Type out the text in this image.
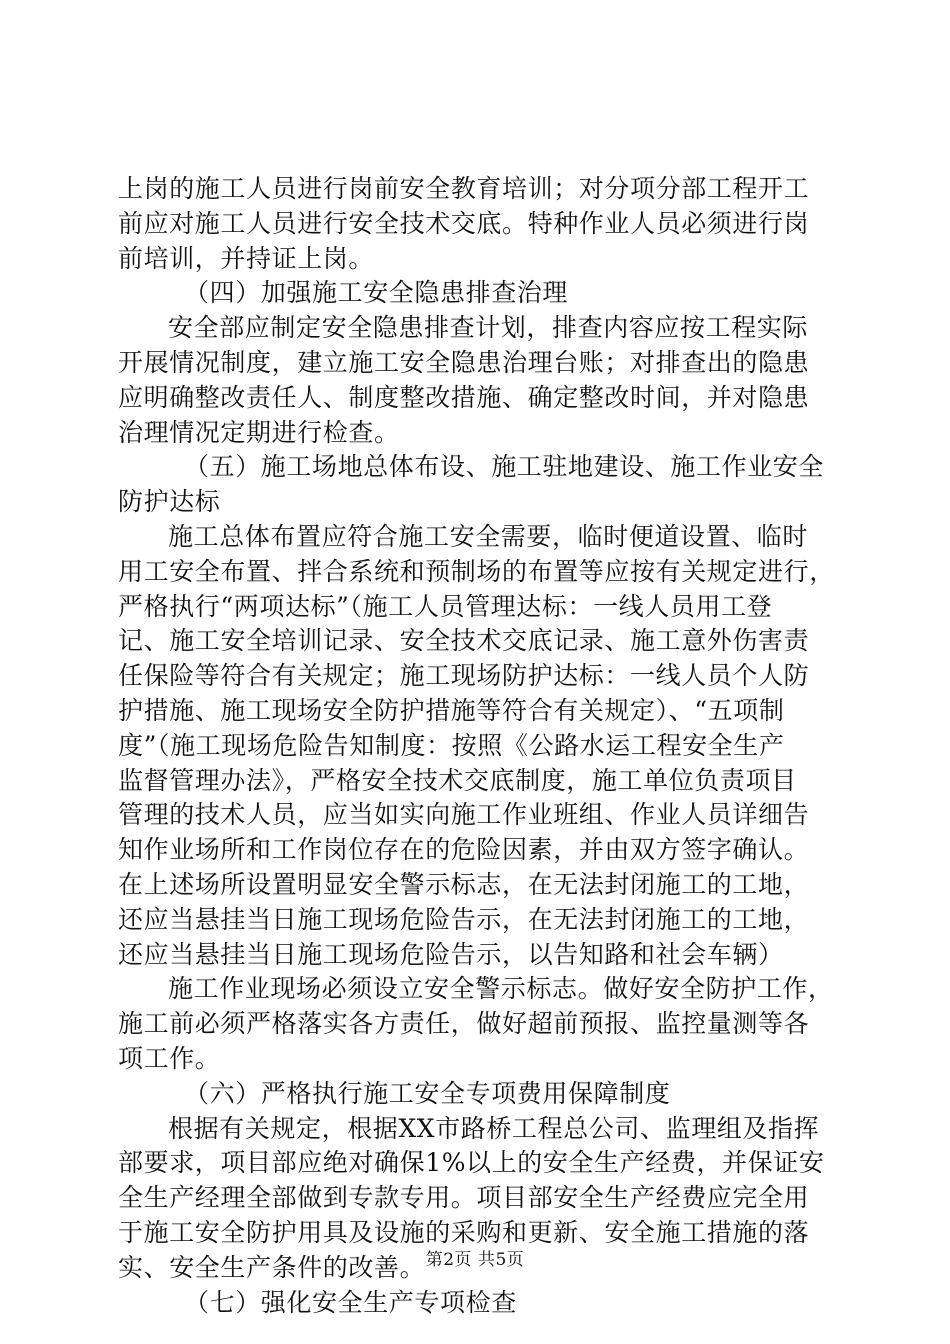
上岗的施工人员进行岗前安全教育培训；对分项分部工程开工
前应对施工人员进行安全技术交底。特种作业人员必须进行岗
前培训，并持证上岗。
（四）加强施工安全隐患排查治理
安全部应制定安全隐患排查计划，排查内容应按工程实际
开展情况制度，建立施工安全隐患治理台账；对排查出的隐患
应明确整改责任人、制度整改措施、确定整改时间，并对隐患
治理情况定期进行检查。
（五）施工场地总体布设、施工驻地建设、施工作业安全
防护达标
施工总体布置应符合施工安全需要，临时便道设置、临时
用工安全布置、拌合系统和预制场的布置等应按有关规定进行，
严格执行“两项达标”（施工人员管理达标：一线人员用工登
记、施工安全培训记录、安全技术交底记录、施工意外伤害责
任保险等符合有关规定；施工现场防护达标：一线人员个人防
护措施、施工现场安全防护措施等符合有关规定）、“五项制
度”（施工现场危险告知制度：按照《公路水运工程安全生产
监督管理办法》，严格安全技术交底制度，施工单位负责项目
管理的技术人员，应当如实向施工作业班组、作业人员详细告
知作业场所和工作岗位存在的危险因素，并由双方签字确认。
在上述场所设置明显安全警示标志，在无法封闭施工的工地，
还应当悬挂当日施工现场危险告示，在无法封闭施工的工地，
还应当悬挂当日施工现场危险告示，以告知路和社会车辆）
施工作业现场必须设立安全警示标志。做好安全防护工作，
施工前必须严格落实各方责任，做好超前预报、监控量测等各
项工作。
（六）严格执行施工安全专项费用保障制度
根据有关规定，根据XX市路桥工程总公司、监理组及指挥
部要求，项目部应绝对确保1%以上的安全生产经费，并保证安
全生产经理全部做到专款专用。项目部安全生产经费应完全用
于施工安全防护用具及设施的采购和更新、安全施工措施的落
实、安全生产条件的改善。
（七）强化安全生产专项检查
第2页 共5页
